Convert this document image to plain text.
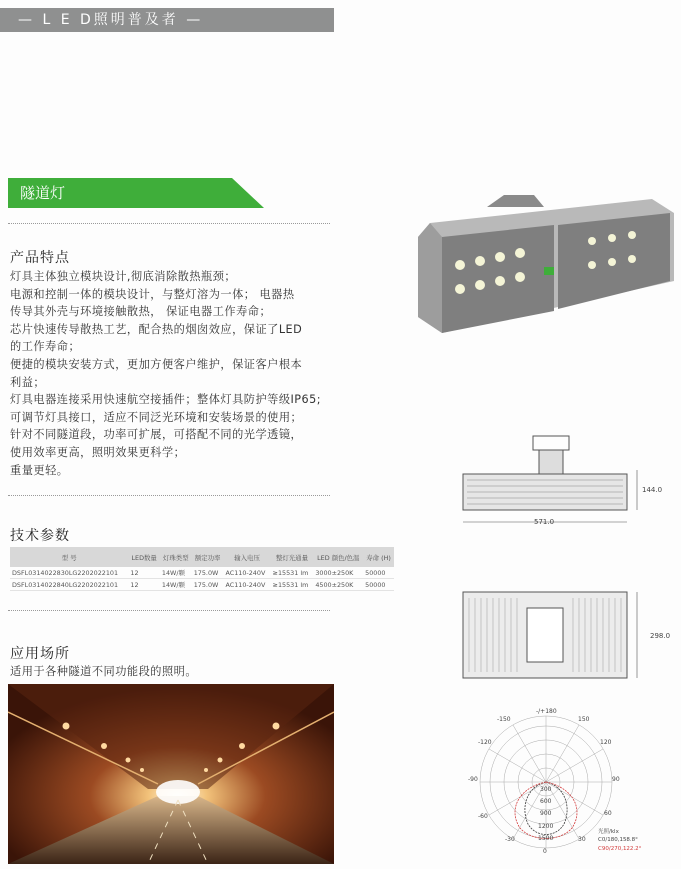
— L E D照明普及者 —
隧道灯
产品特点
灯具主体独立模块设计,彻底消除散热瓶颈；
电源和控制一体的模块设计，与整灯溶为一体； 电器热
传导其外壳与环境接触散热， 保证电器工作寿命；
芯片快速传导散热工艺，配合热的烟囱效应，保证了LED
的工作寿命；
便捷的模块安装方式，更加方便客户维护，保证客户根本
利益；
灯具电器连接采用快速航空接插件；整体灯具防护等级IP65;
可调节灯具接口，适应不同泛光环境和安装场景的使用；
针对不同隧道段，功率可扩展，可搭配不同的光学透镜，
使用效率更高，照明效果更科学；
重量更轻。
技术参数
型 号	LED数量	灯珠类型	额定功率	输入电压	整灯光通量	LED 颜色/色温	寿命 (H)
DSFL0314022830LG2202022101	12	14W/颗	175.0W	AC110-240V	≥15531 lm	3000±250K	50000
DSFL0314022840LG2202022101	12	14W/颗	175.0W	AC110-240V	≥15531 lm	4500±250K	50000
应用场所
适用于各种隧道不同功能段的照明。
144.0
571.0
298.0
-/+180
-150	150
-120	120
-90	90
-60	60
-30	30
0
300
600
900
1200
1500
光照/klx
C0/180,158.8°
C90/270,122.2°
